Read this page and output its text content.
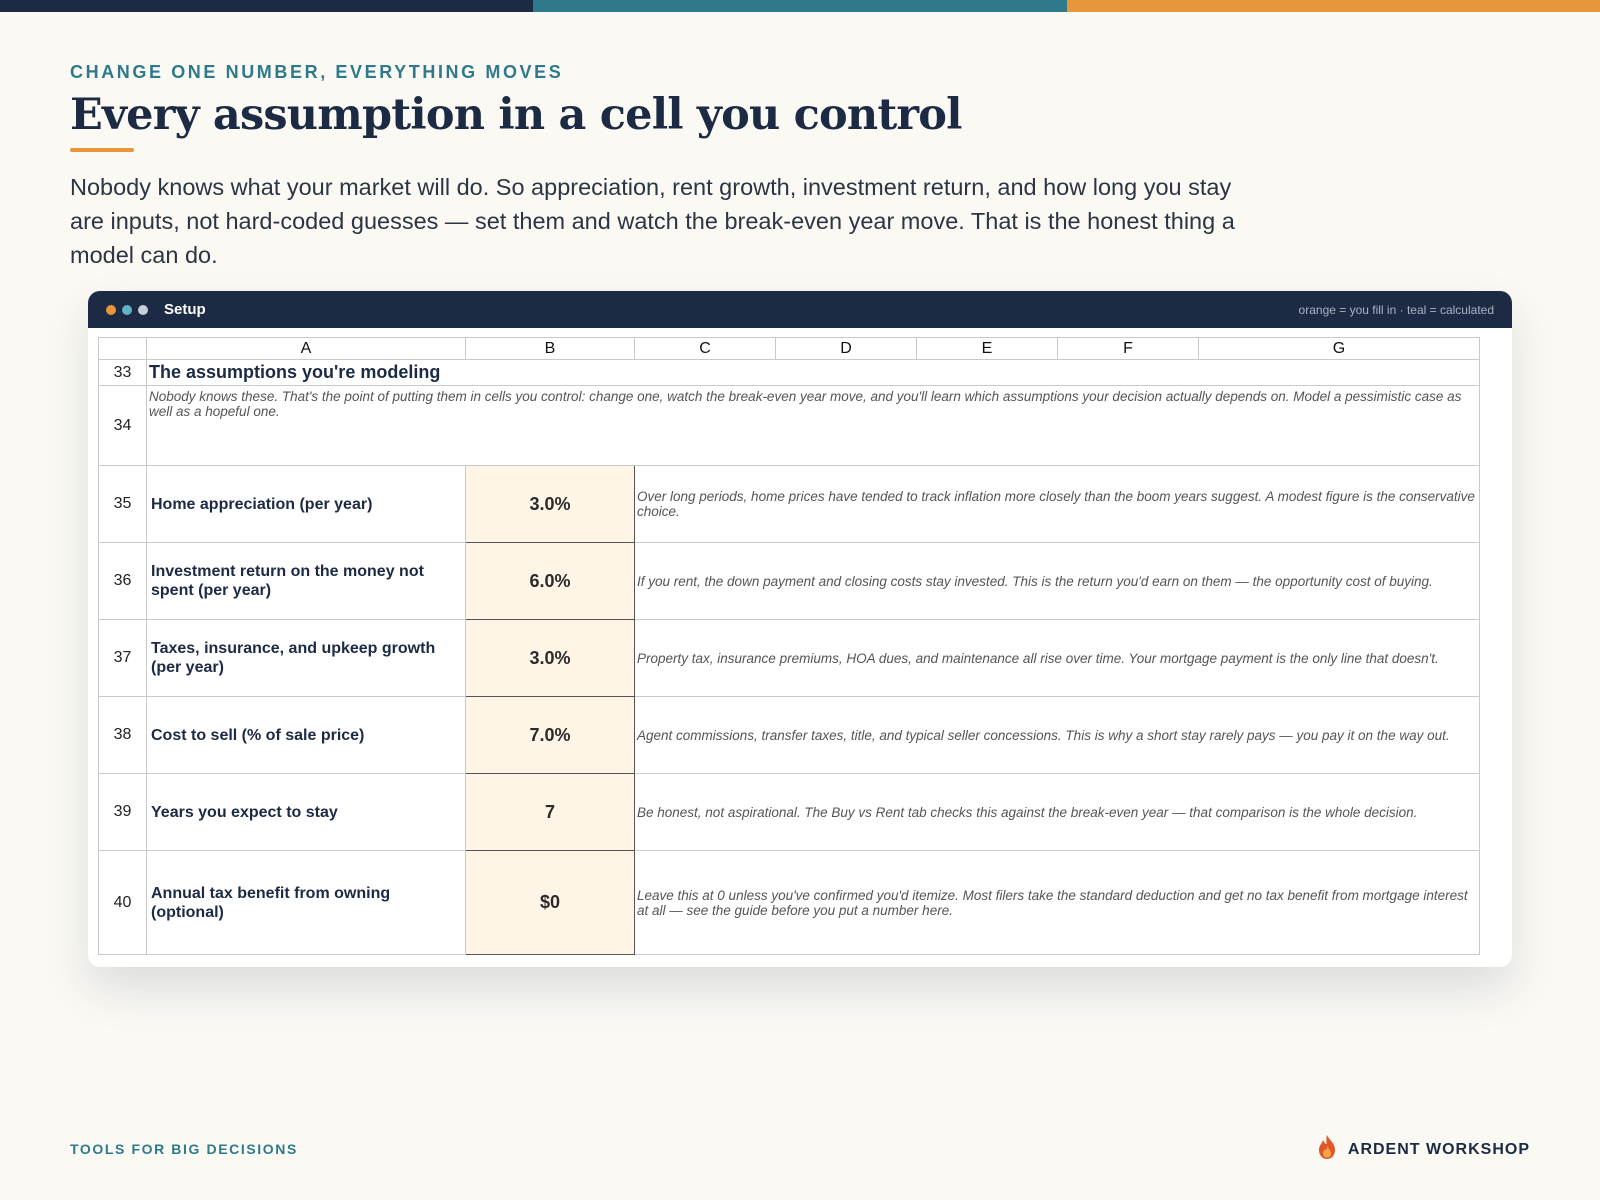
CHANGE ONE NUMBER, EVERYTHING MOVES
Every assumption in a cell you control
Nobody knows what your market will do. So appreciation, rent growth, investment return, and how long you stay are inputs, not hard-coded guesses — set them and watch the break-even year move. That is the honest thing a model can do.
Setup	orange = you fill in · teal = calculated
	A	B	C	D	E	F	G
33	The assumptions you're modeling						
34	Nobody knows these. That's the point of putting them in cells you control: change one, watch the break-even year move, and you'll learn which assumptions your decision actually depends on. Model a pessimistic case as well as a hopeful one.						
35	Home appreciation (per year)	3.0%	Over long periods, home prices have tended to track inflation more closely than the boom years suggest. A modest figure is the conservative choice.				
36	Investment return on the money not spent (per year)	6.0%	If you rent, the down payment and closing costs stay invested. This is the return you'd earn on them — the opportunity cost of buying.				
37	Taxes, insurance, and upkeep growth (per year)	3.0%	Property tax, insurance premiums, HOA dues, and maintenance all rise over time. Your mortgage payment is the only line that doesn't.				
38	Cost to sell (% of sale price)	7.0%	Agent commissions, transfer taxes, title, and typical seller concessions. This is why a short stay rarely pays — you pay it on the way out.				
39	Years you expect to stay	7	Be honest, not aspirational. The Buy vs Rent tab checks this against the break-even year — that comparison is the whole decision.				
40	Annual tax benefit from owning (optional)	$0	Leave this at 0 unless you've confirmed you'd itemize. Most filers take the standard deduction and get no tax benefit from mortgage interest at all — see the guide before you put a number here.				
TOOLS FOR BIG DECISIONS	ARDENT WORKSHOP
